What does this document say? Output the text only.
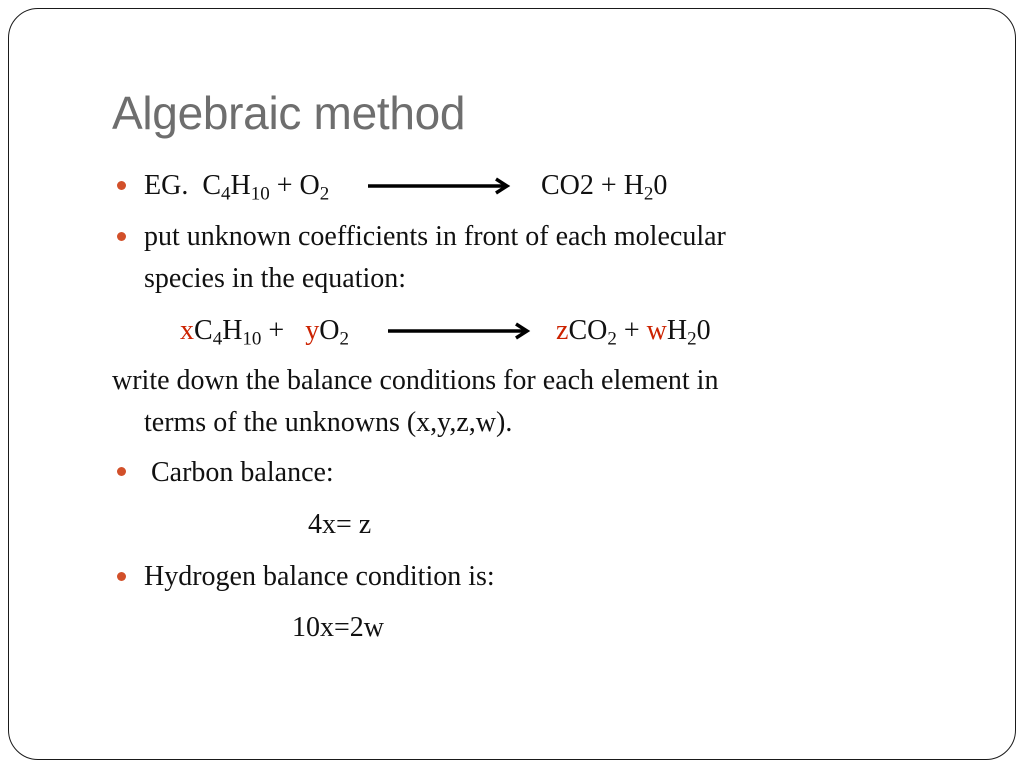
Algebraic method
EG. $C_4H_{10} + O_2$	$CO2 + H_20$
put unknown coefficients in front of each molecular
species in the equation:
$xC_4H_{10} + yO_2$	$zCO_2 + wH_20$
write down the balance conditions for each element in
terms of the unknowns (x,y,z,w).
Carbon balance:
4x= z
Hydrogen balance condition is:
10x=2w
